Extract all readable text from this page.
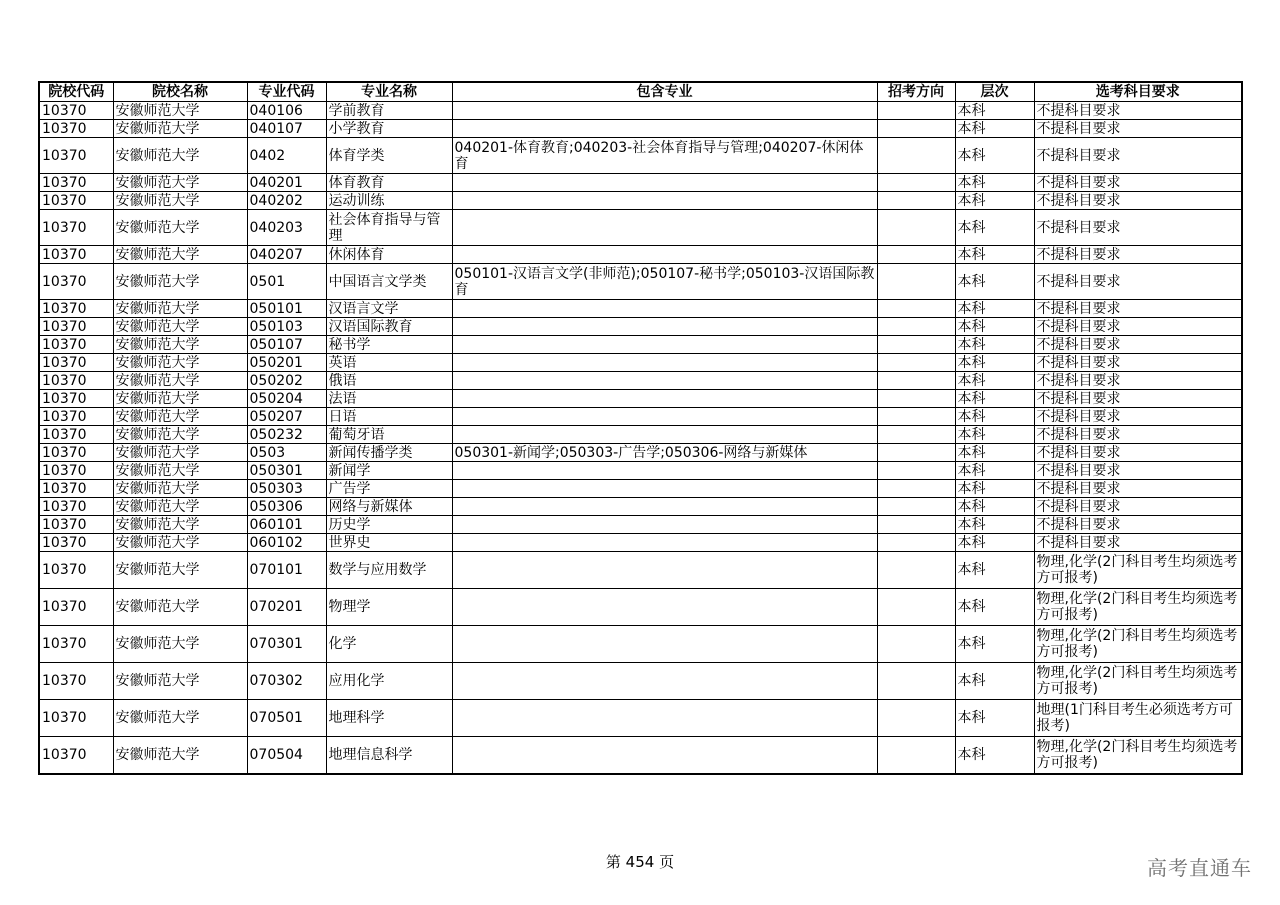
院校代码	院校名称	专业代码	专业名称	包含专业	招考方向	层次	选考科目要求
10370	安徽师范大学	040106	学前教育			本科	不提科目要求
10370	安徽师范大学	040107	小学教育			本科	不提科目要求
10370	安徽师范大学	0402	体育学类	040201-体育教育;040203-社会体育指导与管理;040207-休闲体育		本科	不提科目要求
10370	安徽师范大学	040201	体育教育			本科	不提科目要求
10370	安徽师范大学	040202	运动训练			本科	不提科目要求
10370	安徽师范大学	040203	社会体育指导与管理			本科	不提科目要求
10370	安徽师范大学	040207	休闲体育			本科	不提科目要求
10370	安徽师范大学	0501	中国语言文学类	050101-汉语言文学(非师范);050107-秘书学;050103-汉语国际教育		本科	不提科目要求
10370	安徽师范大学	050101	汉语言文学			本科	不提科目要求
10370	安徽师范大学	050103	汉语国际教育			本科	不提科目要求
10370	安徽师范大学	050107	秘书学			本科	不提科目要求
10370	安徽师范大学	050201	英语			本科	不提科目要求
10370	安徽师范大学	050202	俄语			本科	不提科目要求
10370	安徽师范大学	050204	法语			本科	不提科目要求
10370	安徽师范大学	050207	日语			本科	不提科目要求
10370	安徽师范大学	050232	葡萄牙语			本科	不提科目要求
10370	安徽师范大学	0503	新闻传播学类	050301-新闻学;050303-广告学;050306-网络与新媒体		本科	不提科目要求
10370	安徽师范大学	050301	新闻学			本科	不提科目要求
10370	安徽师范大学	050303	广告学			本科	不提科目要求
10370	安徽师范大学	050306	网络与新媒体			本科	不提科目要求
10370	安徽师范大学	060101	历史学			本科	不提科目要求
10370	安徽师范大学	060102	世界史			本科	不提科目要求
10370	安徽师范大学	070101	数学与应用数学			本科	物理,化学(2门科目考生均须选考方可报考)
10370	安徽师范大学	070201	物理学			本科	物理,化学(2门科目考生均须选考方可报考)
10370	安徽师范大学	070301	化学			本科	物理,化学(2门科目考生均须选考方可报考)
10370	安徽师范大学	070302	应用化学			本科	物理,化学(2门科目考生均须选考方可报考)
10370	安徽师范大学	070501	地理科学			本科	地理(1门科目考生必须选考方可报考)
10370	安徽师范大学	070504	地理信息科学			本科	物理,化学(2门科目考生均须选考方可报考)
第 454 页	高考直通车
